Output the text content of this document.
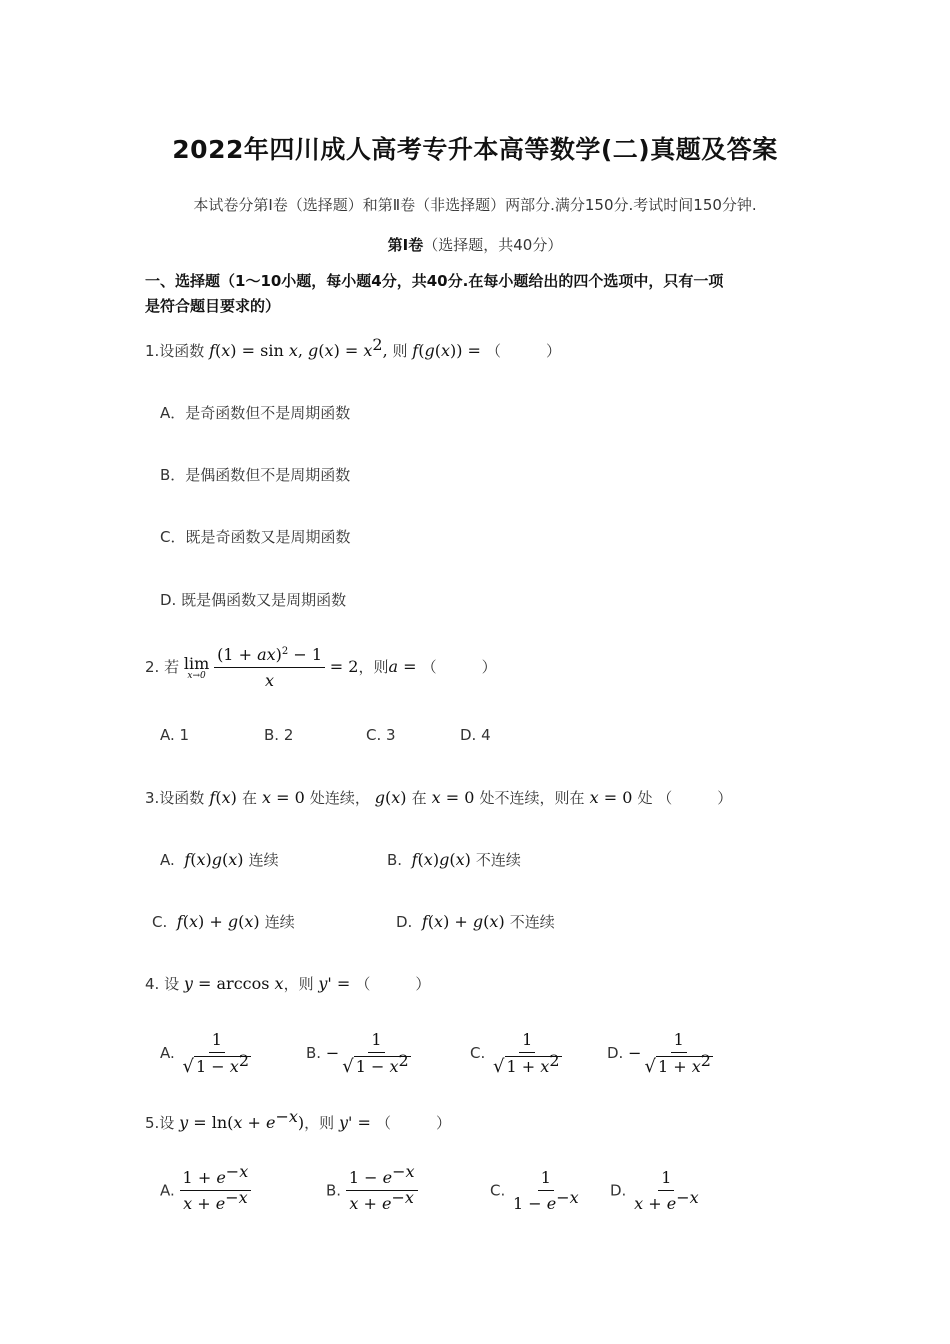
2022年四川成人高考专升本高等数学(二)真题及答案
本试卷分第Ⅰ卷（选择题）和第Ⅱ卷（非选择题）两部分.满分150分.考试时间150分钟.
第Ⅰ卷（选择题，共40分）
一、选择题（1～10小题，每小题4分，共40分.在每小题给出的四个选项中，只有一项
是符合题目要求的）
1.设函数 f(x) = sin x, $g(x) = x^2$, 则 f(g(x)) = （　　　）
A．是奇函数但不是周期函数
B．是偶函数但不是周期函数
C．既是奇函数又是周期函数
D. 既是偶函数又是周期函数
2. 若 lim
x→0
$\frac{(1 + ax)^2 - 1}{x} = 2$，则a = （　　　）
A. 1	B. 2	C. 3	D. 4
3.设函数 f(x) 在 x = 0 处连续， g(x) 在 x = 0 处不连续，则在 x = 0 处 （　　　）
A. f(x)g(x) 连续	B. f(x)g(x) 不连续
C. f(x) + g(x) 连续	D. f(x) + g(x) 不连续
4. 设 y = arccos x，则 y' = （　　　）
A. $\frac{1}{√ 1 - x^2}$	B. − $\frac{1}{√ 1 - x^2}$	C. $\frac{1}{√ 1 + x^2}$	D. − $\frac{1}{√ 1 + x^2}$
5.设 $y = \ln(x + e^{-x})$，则 y' = （　　　）
A. $\frac{1 + e^{-x}}{x + e^{-x}}$	B. $\frac{1 - e^{-x}}{x + e^{-x}}$	C. $\frac{1}{1 - e^{-x}} D$. $\frac{1}{x + e^{-x}}$
